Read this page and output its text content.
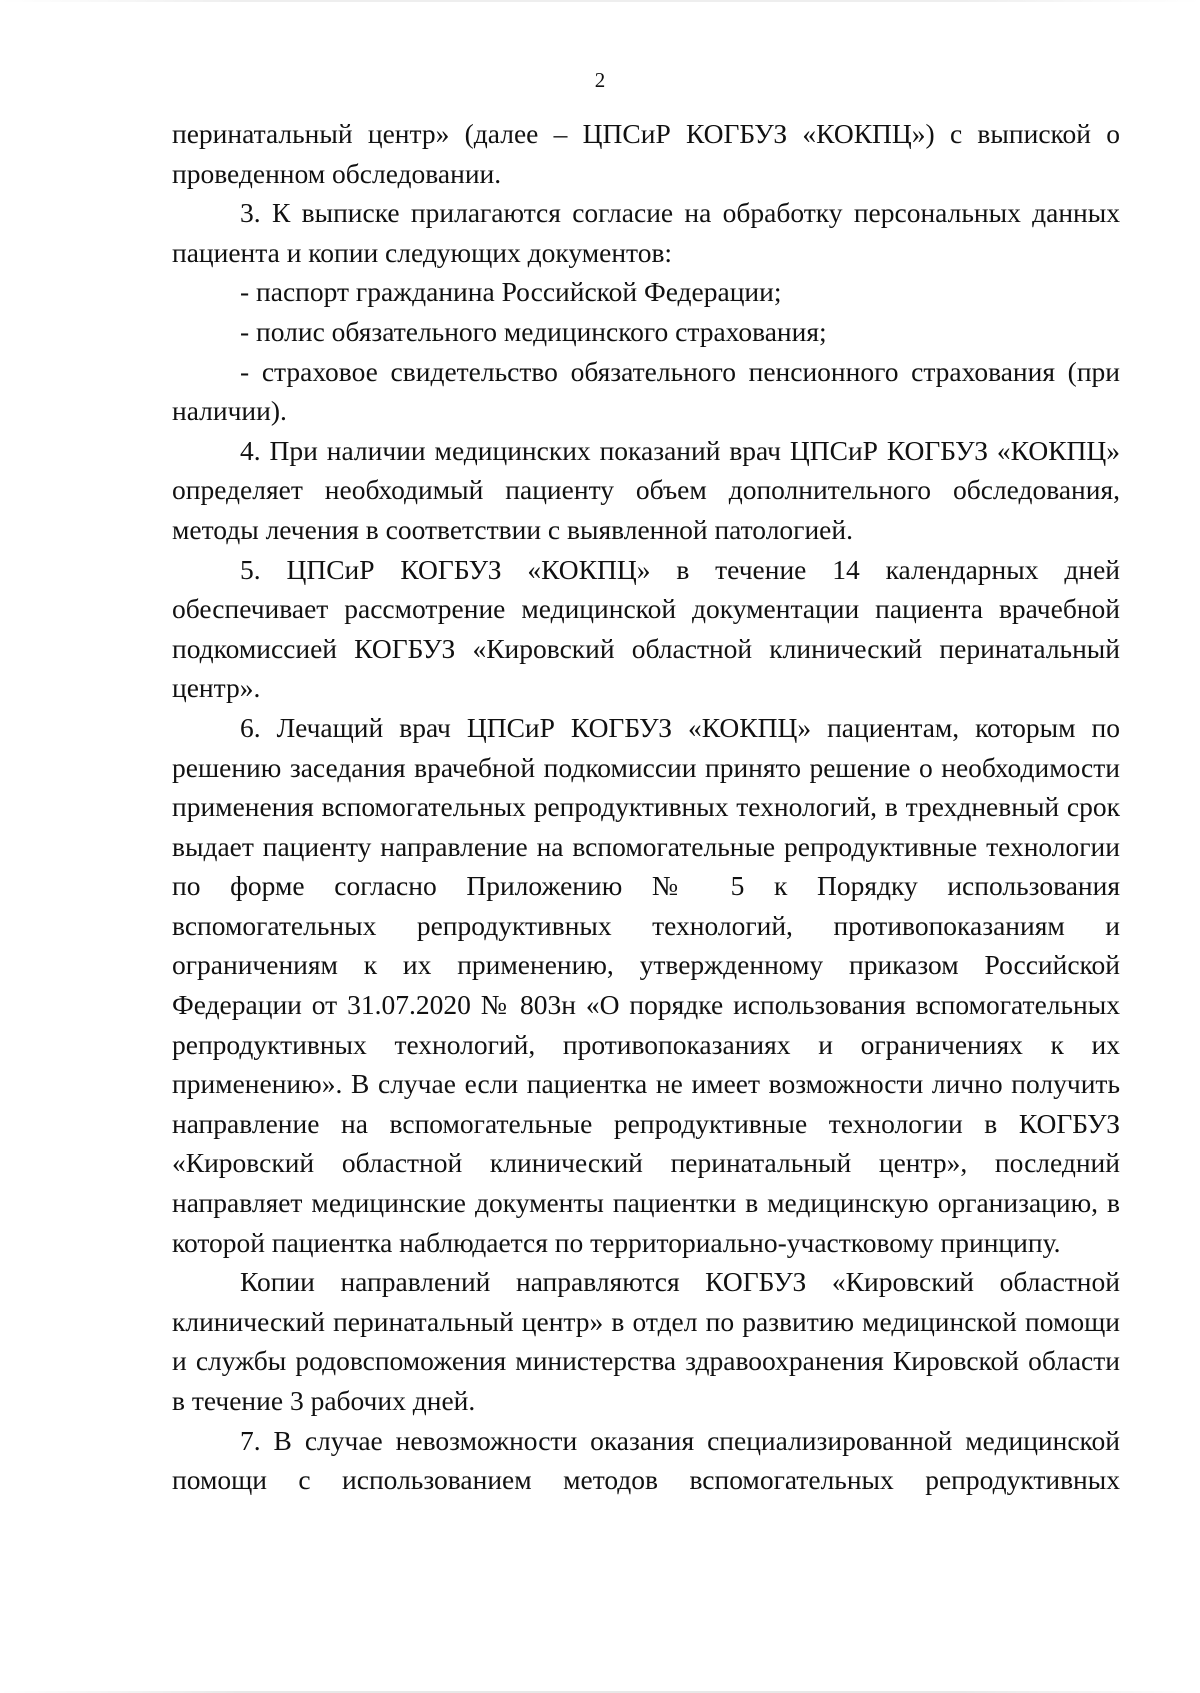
2

перинатальный центр» (далее – ЦПСиР КОГБУЗ «КОКПЦ») с выпиской о проведенном обследовании.

3. К выписке прилагаются согласие на обработку персональных данных пациента и копии следующих документов:

- паспорт гражданина Российской Федерации;

- полис обязательного медицинского страхования;

- страховое свидетельство обязательного пенсионного страхования (при наличии).

4. При наличии медицинских показаний врач ЦПСиР КОГБУЗ «КОКПЦ» определяет необходимый пациенту объем дополнительного обследования, методы лечения в соответствии с выявленной патологией.

5. ЦПСиР КОГБУЗ «КОКПЦ» в течение 14 календарных дней обеспечивает рассмотрение медицинской документации пациента врачебной подкомиссией КОГБУЗ «Кировский областной клинический перинатальный центр».

6. Лечащий врач ЦПСиР КОГБУЗ «КОКПЦ» пациентам, которым по решению заседания врачебной подкомиссии принято решение о необходимости применения вспомогательных репродуктивных технологий, в трехдневный срок выдает пациенту направление на вспомогательные репродуктивные технологии по форме согласно Приложению № 5 к Порядку использования вспомогательных репродуктивных технологий, противопоказаниям и ограничениям к их применению, утвержденному приказом Российской Федерации от 31.07.2020 № 803н «О порядке использования вспомогательных репродуктивных технологий, противопоказаниях и ограничениях к их применению». В случае если пациентка не имеет возможности лично получить направление на вспомогательные репродуктивные технологии в КОГБУЗ «Кировский областной клинический перинатальный центр», последний направляет медицинские документы пациентки в медицинскую организацию, в которой пациентка наблюдается по территориально-участковому принципу.

Копии направлений направляются КОГБУЗ «Кировский областной клинический перинатальный центр» в отдел по развитию медицинской помощи и службы родовспоможения министерства здравоохранения Кировской области в течение 3 рабочих дней.

7. В случае невозможности оказания специализированной медицинской помощи с использованием методов вспомогательных репродуктивных
